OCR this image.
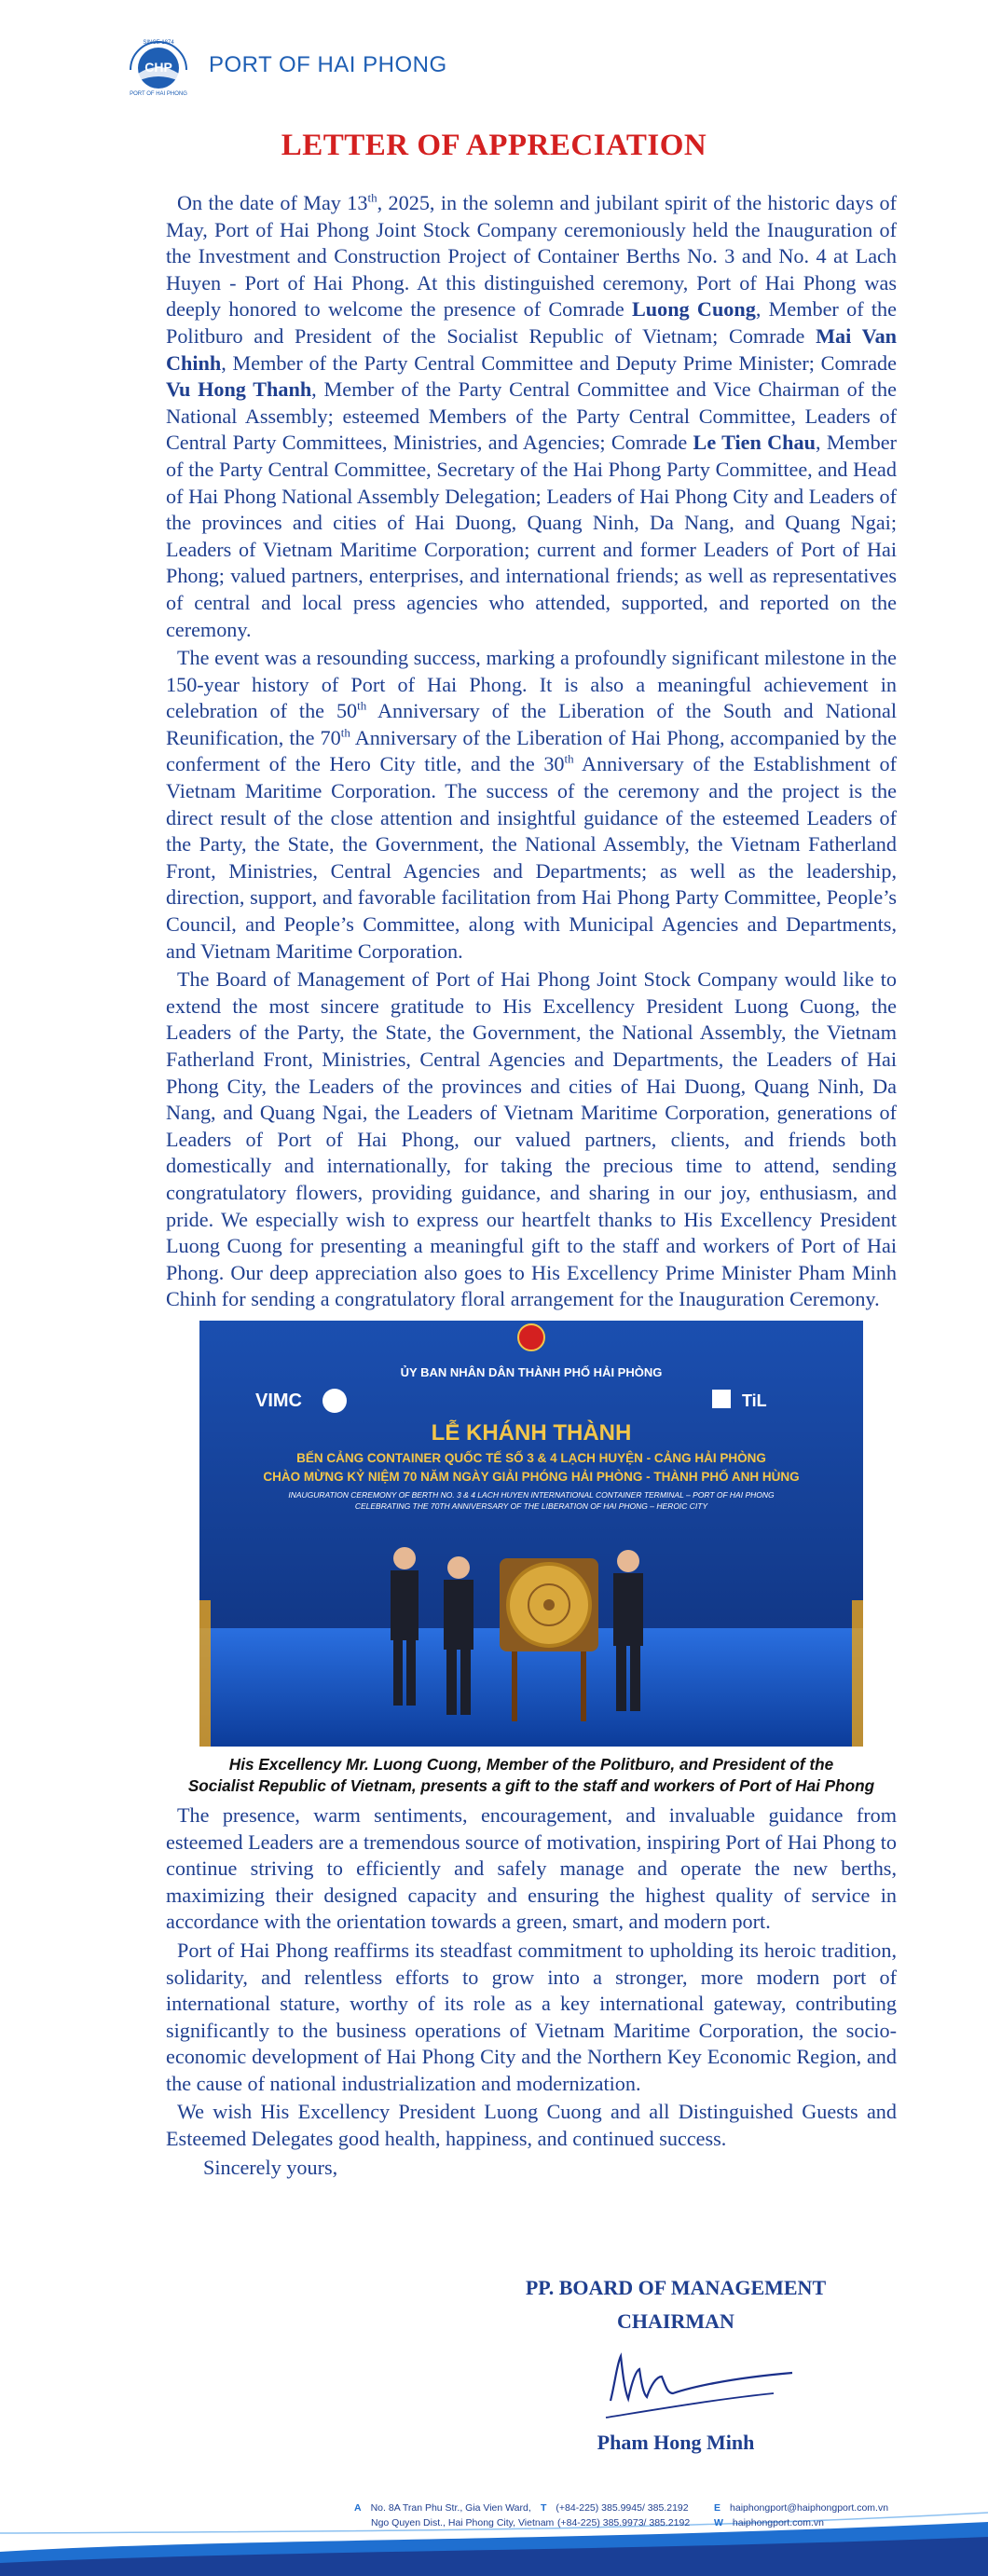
SINCE 1874
CHP
PORT OF HAI PHONG
PORT OF HAI PHONG
LETTER OF APPRECIATION

On the date of May 13th, 2025, in the solemn and jubilant spirit of the historic days of May, Port of Hai Phong Joint Stock Company ceremoniously held the Inauguration of the Investment and Construction Project of Container Berths No. 3 and No. 4 at Lach Huyen - Port of Hai Phong. At this distinguished ceremony, Port of Hai Phong was deeply honored to welcome the presence of Comrade Luong Cuong, Member of the Politburo and President of the Socialist Republic of Vietnam; Comrade Mai Van Chinh, Member of the Party Central Committee and Deputy Prime Minister; Comrade Vu Hong Thanh, Member of the Party Central Committee and Vice Chairman of the National Assembly; esteemed Members of the Party Central Committee, Leaders of Central Party Committees, Ministries, and Agencies; Comrade Le Tien Chau, Member of the Party Central Committee, Secretary of the Hai Phong Party Committee, and Head of Hai Phong National Assembly Delegation; Leaders of Hai Phong City and Leaders of the provinces and cities of Hai Duong, Quang Ninh, Da Nang, and Quang Ngai; Leaders of Vietnam Maritime Corporation; current and former Leaders of Port of Hai Phong; valued partners, enterprises, and international friends; as well as representatives of central and local press agencies who attended, supported, and reported on the ceremony.

The event was a resounding success, marking a profoundly significant milestone in the 150-year history of Port of Hai Phong. It is also a meaningful achievement in celebration of the 50th Anniversary of the Liberation of the South and National Reunification, the 70th Anniversary of the Liberation of Hai Phong, accompanied by the conferment of the Hero City title, and the 30th Anniversary of the Establishment of Vietnam Maritime Corporation. The success of the ceremony and the project is the direct result of the close attention and insightful guidance of the esteemed Leaders of the Party, the State, the Government, the National Assembly, the Vietnam Fatherland Front, Ministries, Central Agencies and Departments; as well as the leadership, direction, support, and favorable facilitation from Hai Phong Party Committee, People’s Council, and People’s Committee, along with Municipal Agencies and Departments, and Vietnam Maritime Corporation.

The Board of Management of Port of Hai Phong Joint Stock Company would like to extend the most sincere gratitude to His Excellency President Luong Cuong, the Leaders of the Party, the State, the Government, the National Assembly, the Vietnam Fatherland Front, Ministries, Central Agencies and Departments, the Leaders of Hai Phong City, the Leaders of the provinces and cities of Hai Duong, Quang Ninh, Da Nang, and Quang Ngai, the Leaders of Vietnam Maritime Corporation, generations of Leaders of Port of Hai Phong, our valued partners, clients, and friends both domestically and internationally, for taking the precious time to attend, sending congratulatory flowers, providing guidance, and sharing in our joy, enthusiasm, and pride. We especially wish to express our heartfelt thanks to His Excellency President Luong Cuong for presenting a meaningful gift to the staff and workers of Port of Hai Phong. Our deep appreciation also goes to His Excellency Prime Minister Pham Minh Chinh for sending a congratulatory floral arrangement for the Inauguration Ceremony.

ỦY BAN NHÂN DÂN THÀNH PHỐ HẢI PHÒNG
VIMC	TiL
LỄ KHÁNH THÀNH
BẾN CẢNG CONTAINER QUỐC TẾ SỐ 3 & 4 LẠCH HUYỆN - CẢNG HẢI PHÒNG
CHÀO MỪNG KỶ NIỆM 70 NĂM NGÀY GIẢI PHÓNG HẢI PHÒNG - THÀNH PHỐ ANH HÙNG
INAUGURATION CEREMONY OF BERTH NO. 3 & 4 LACH HUYEN INTERNATIONAL CONTAINER TERMINAL – PORT OF HAI PHONG
CELEBRATING THE 70TH ANNIVERSARY OF THE LIBERATION OF HAI PHONG – HEROIC CITY
His Excellency Mr. Luong Cuong, Member of the Politburo, and President of the
Socialist Republic of Vietnam, presents a gift to the staff and workers of Port of Hai Phong

The presence, warm sentiments, encouragement, and invaluable guidance from esteemed Leaders are a tremendous source of motivation, inspiring Port of Hai Phong to continue striving to efficiently and safely manage and operate the new berths, maximizing their designed capacity and ensuring the highest quality of service in accordance with the orientation towards a green, smart, and modern port.

Port of Hai Phong reaffirms its steadfast commitment to upholding its heroic tradition, solidarity, and relentless efforts to grow into a stronger, more modern port of international stature, worthy of its role as a key international gateway, contributing significantly to the business operations of Vietnam Maritime Corporation, the socio-economic development of Hai Phong City and the Northern Key Economic Region, and the cause of national industrialization and modernization.

We wish His Excellency President Luong Cuong and all Distinguished Guests and Esteemed Delegates good health, happiness, and continued success.

Sincerely yours,

PP. BOARD OF MANAGEMENT
CHAIRMAN
Pham Hong Minh
A No. 8A Tran Phu Str., Gia Vien Ward,
Ngo Quyen Dist., Hai Phong City, Vietnam
T (+84-225) 385.9945/ 385.2192
(+84-225) 385.9973/ 385.2192
E haiphongport@haiphongport.com.vn
W haiphongport.com.vn
